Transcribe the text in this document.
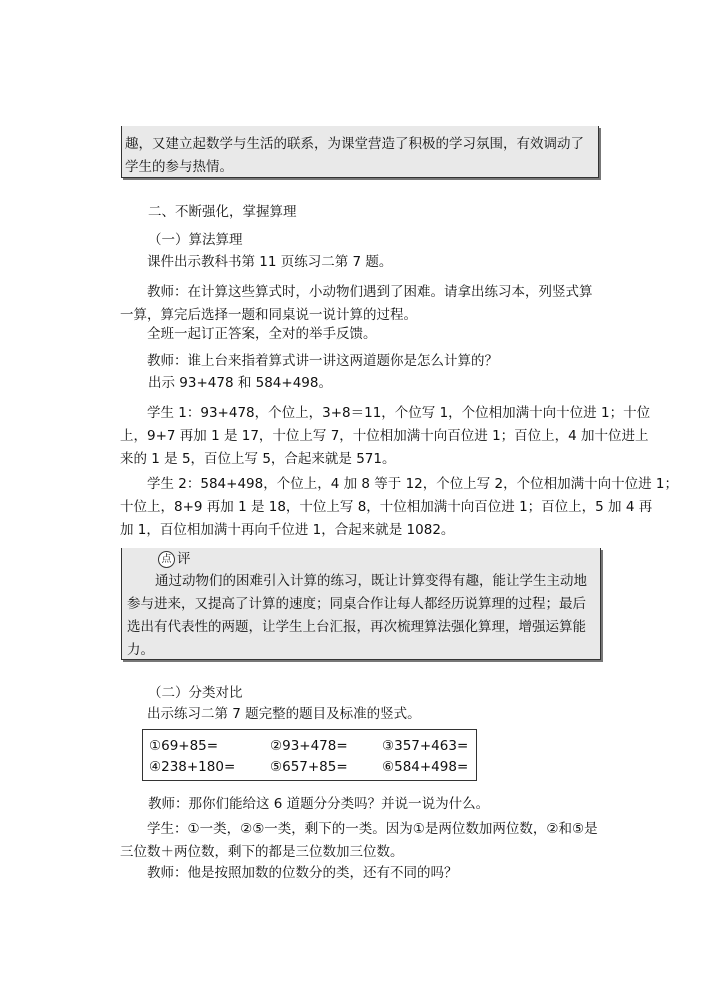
趣，又建立起数学与生活的联系，为课堂营造了积极的学习氛围，有效调动了
学生的参与热情。
二、不断强化，掌握算理
（一）算法算理
课件出示教科书第 11 页练习二第 7 题。
教师：在计算这些算式时，小动物们遇到了困难。请拿出练习本，列竖式算
一算，算完后选择一题和同桌说一说计算的过程。
全班一起订正答案，全对的举手反馈。
教师：谁上台来指着算式讲一讲这两道题你是怎么计算的？
出示 93+478 和 584+498。
学生 1：93+478，个位上，3+8＝11，个位写 1，个位相加满十向十位进 1；十位
上，9+7 再加 1 是 17，十位上写 7，十位相加满十向百位进 1；百位上，4 加十位进上
来的 1 是 5，百位上写 5，合起来就是 571。
学生 2：584+498，个位上，4 加 8 等于 12，个位上写 2，个位相加满十向十位进 1；
十位上，8+9 再加 1 是 18，十位上写 8，十位相加满十向百位进 1；百位上，5 加 4 再
加 1，百位相加满十再向千位进 1，合起来就是 1082。
点 评
通过动物们的困难引入计算的练习，既让计算变得有趣，能让学生主动地参与进来，又提高了计算的速度；同桌合作让每人都经历说算理的过程；最后选出有代表性的两题，让学生上台汇报，再次梳理算法强化算理，增强运算能力。
（二）分类对比
出示练习二第 7 题完整的题目及标准的竖式。
①69+85=	②93+478=	③357+463=
④238+180=	⑤657+85=	⑥584+498=
教师：那你们能给这 6 道题分分类吗？并说一说为什么。
学生：①一类，②⑤一类，剩下的一类。因为①是两位数加两位数，②和⑤是
三位数＋两位数，剩下的都是三位数加三位数。
教师：他是按照加数的位数分的类，还有不同的吗？
